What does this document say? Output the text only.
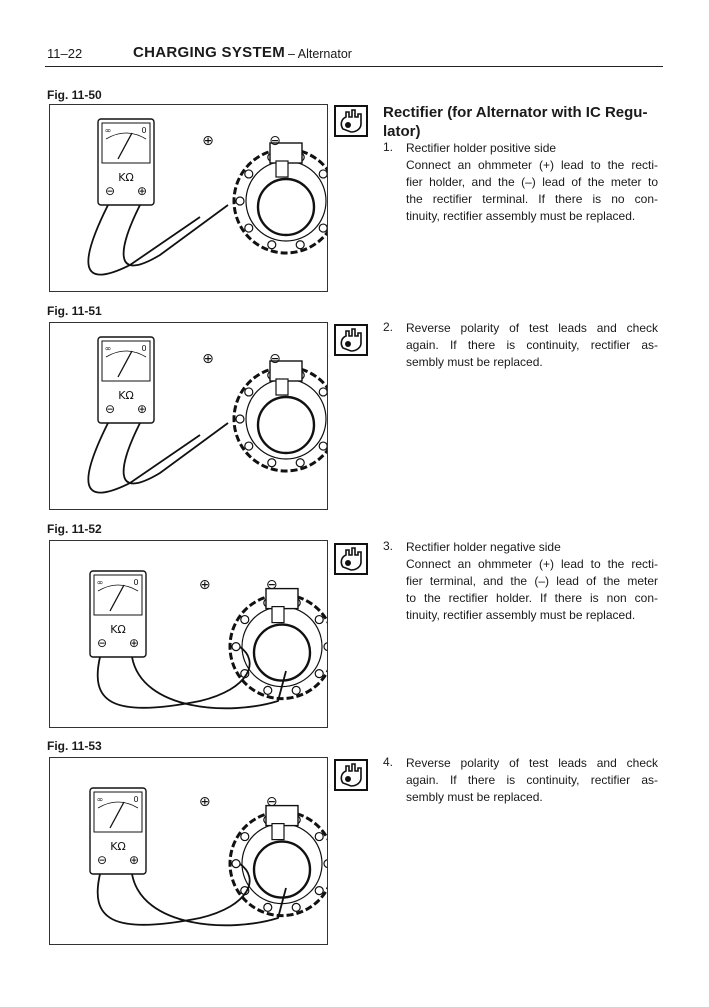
11–22	CHARGING SYSTEM – Alternator
Fig. 11-50
Fig. 11-51
Fig. 11-52
Fig. 11-53
∞	0
KΩ
⊖ ⊕
⊕	⊖
∞	0
KΩ
⊖ ⊕
⊕	⊖
∞	0
KΩ
⊖ ⊕
⊕	⊖
∞	0
KΩ
⊖ ⊕
⊕	⊖
Rectifier (for Alternator with IC Regu-
lator)
1. Rectifier holder positive side
Connect an ohmmeter (+) lead to the recti-
fier holder, and the (–) lead of the meter to
the rectifier terminal. If there is no con-
tinuity, rectifier assembly must be replaced.
2. Reverse polarity of test leads and check
again. If there is continuity, rectifier as-
sembly must be replaced.
3. Rectifier holder negative side
Connect an ohmmeter (+) lead to the recti-
fier terminal, and the (–) lead of the meter
to the rectifier holder. If there is non con-
tinuity, rectifier assembly must be replaced.
4. Reverse polarity of test leads and check
again. If there is continuity, rectifier as-
sembly must be replaced.
